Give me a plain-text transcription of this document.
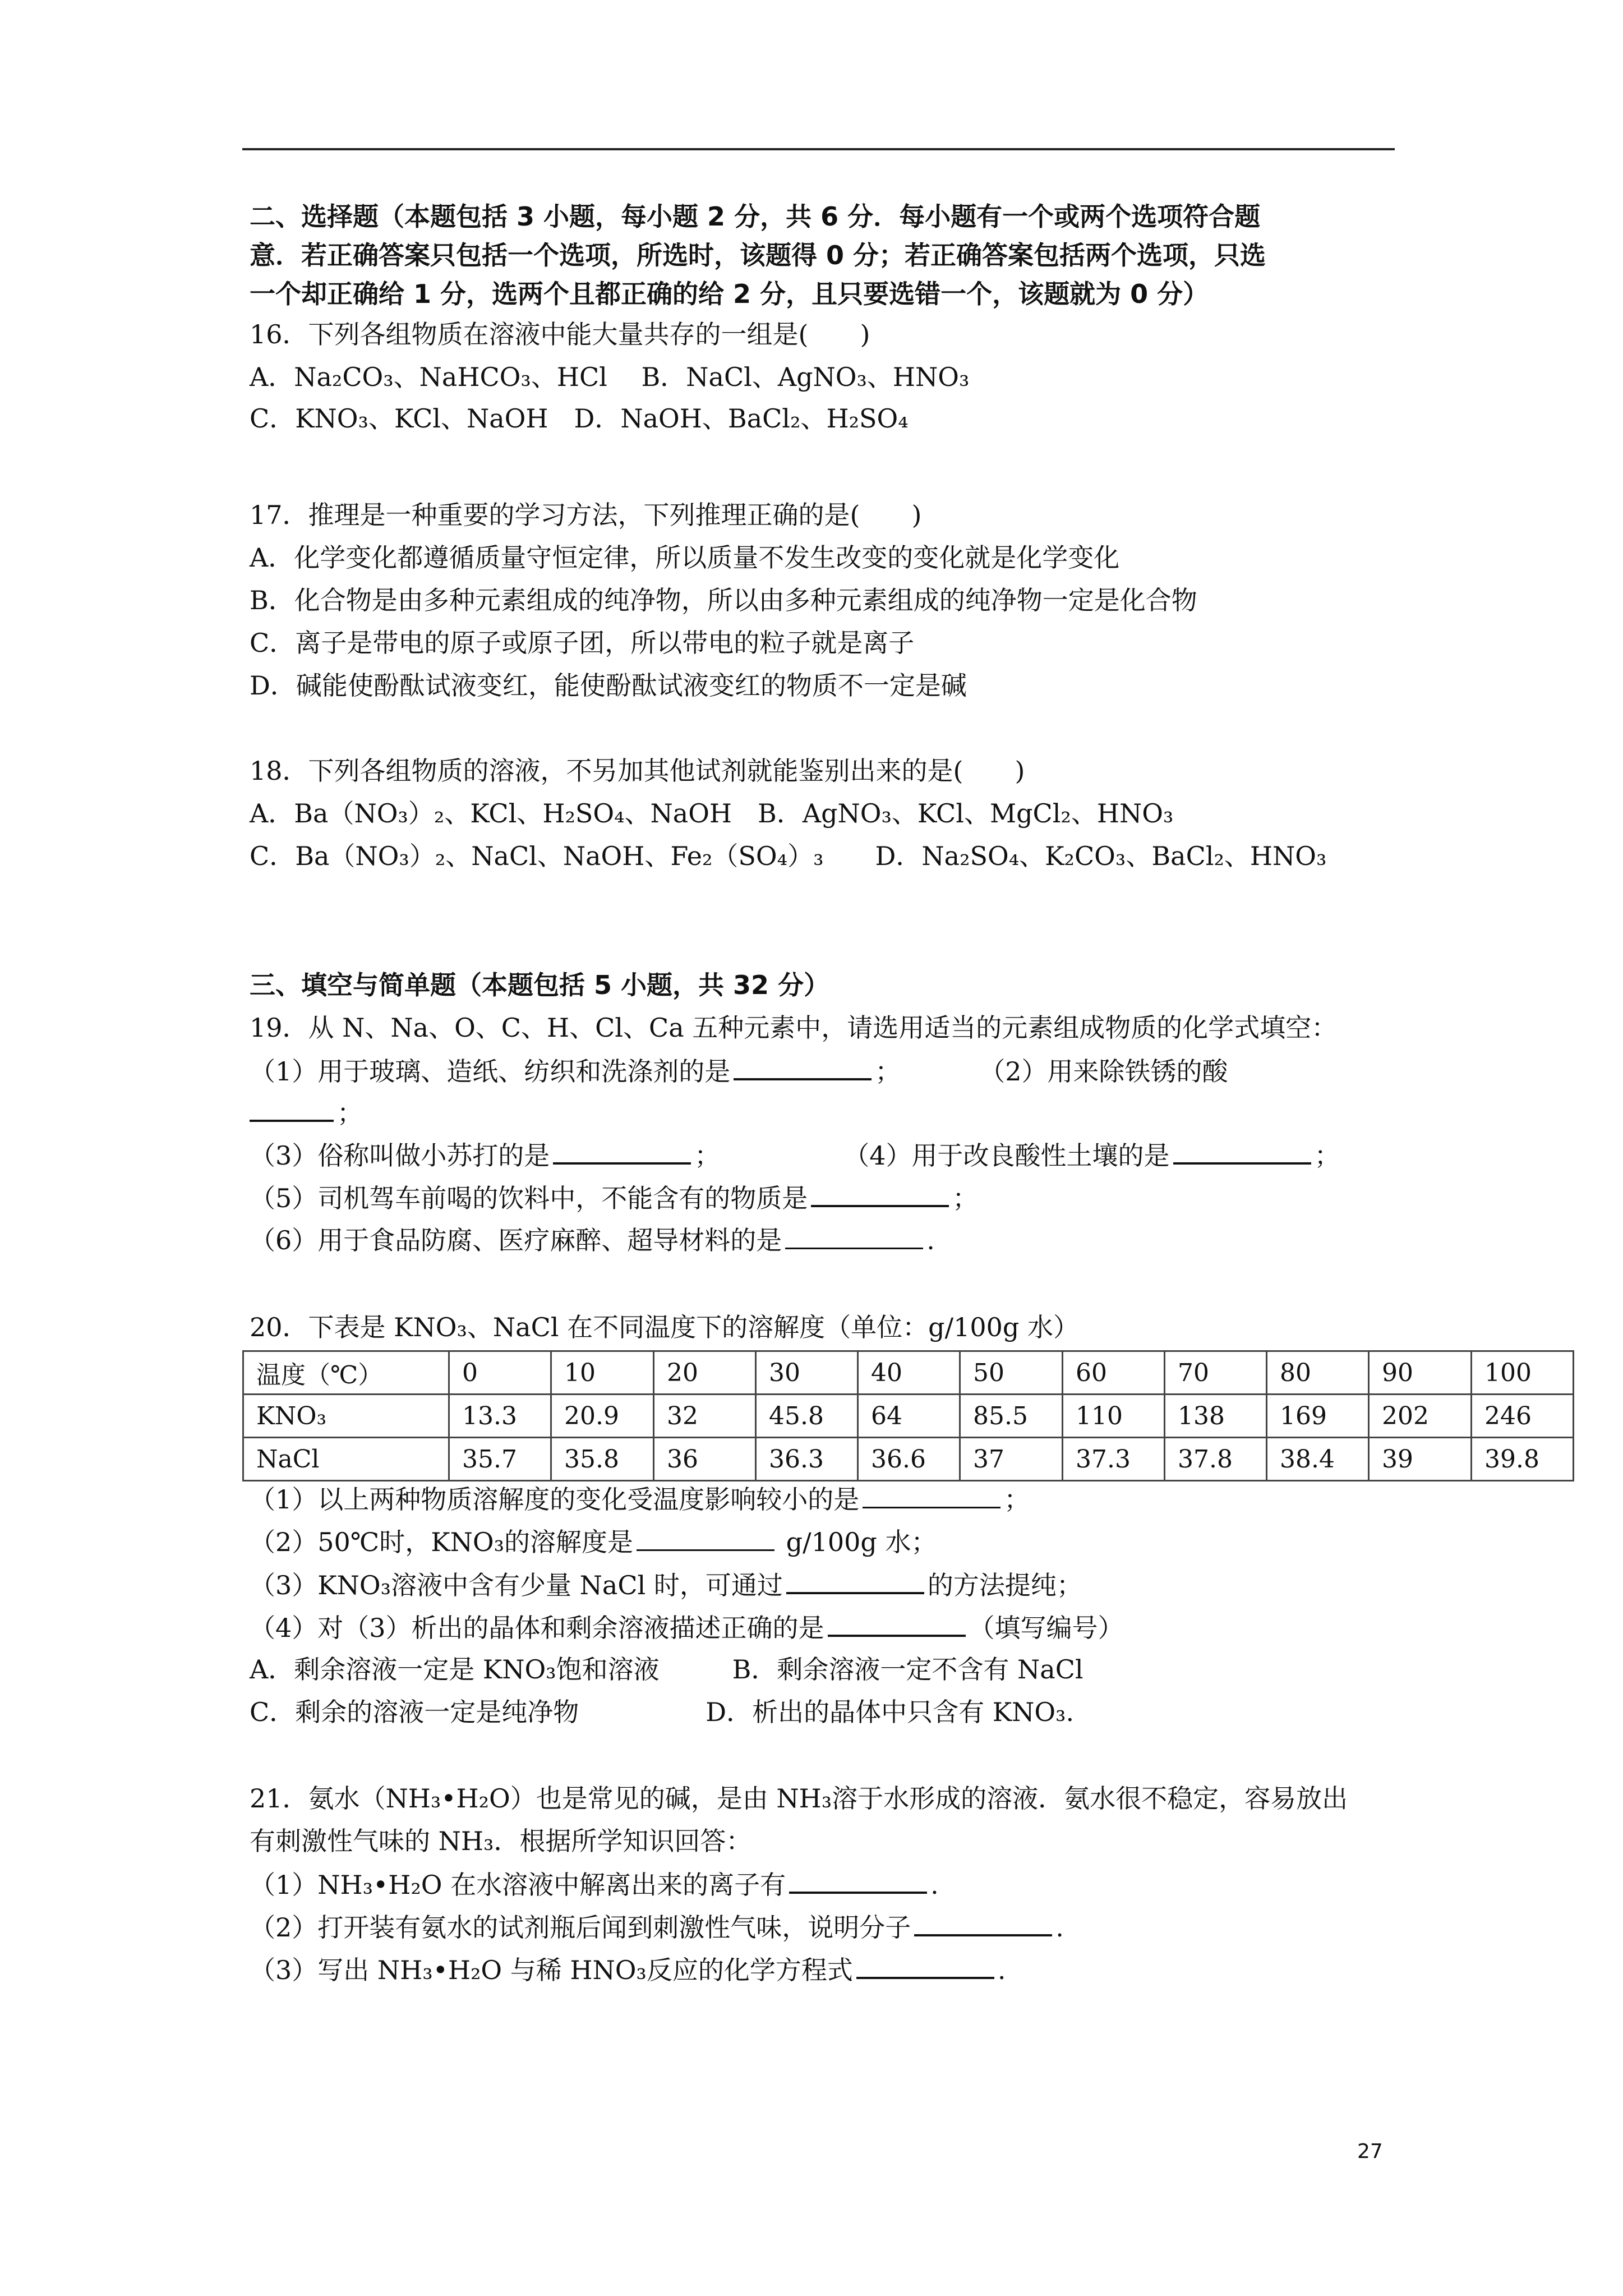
二、选择题（本题包括 3 小题，每小题 2 分，共 6 分．每小题有一个或两个选项符合题
意．若正确答案只包括一个选项，所选时，该题得 0 分；若正确答案包括两个选项，只选
一个却正确给 1 分，选两个且都正确的给 2 分，且只要选错一个，该题就为 0 分）
16．下列各组物质在溶液中能大量共存的一组是(　　)
A．Na₂CO₃、NaHCO₃、HCl　 B．NaCl、AgNO₃、HNO₃
C．KNO₃、KCl、NaOH　D．NaOH、BaCl₂、H₂SO₄
17．推理是一种重要的学习方法，下列推理正确的是(　　)
A．化学变化都遵循质量守恒定律，所以质量不发生改变的变化就是化学变化
B．化合物是由多种元素组成的纯净物，所以由多种元素组成的纯净物一定是化合物
C．离子是带电的原子或原子团，所以带电的粒子就是离子
D．碱能使酚酞试液变红，能使酚酞试液变红的物质不一定是碱
18．下列各组物质的溶液，不另加其他试剂就能鉴别出来的是(　　)
A．Ba（NO₃）₂、KCl、H₂SO₄、NaOH　B．AgNO₃、KCl、MgCl₂、HNO₃
C．Ba（NO₃）₂、NaCl、NaOH、Fe₂（SO₄）₃　　D．Na₂SO₄、K₂CO₃、BaCl₂、HNO₃
三、填空与简单题（本题包括 5 小题，共 32 分）
19．从 N、Na、O、C、H、Cl、Ca 五种元素中，请选用适当的元素组成物质的化学式填空：
（1）用于玻璃、造纸、纺织和洗涤剂的是	；	（2）用来除铁锈的酸
；
（3）俗称叫做小苏打的是	；	（4）用于改良酸性土壤的是	；
（5）司机驾车前喝的饮料中，不能含有的物质是	；
（6）用于食品防腐、医疗麻醉、超导材料的是	.
20．下表是 KNO₃、NaCl 在不同温度下的溶解度（单位：g/100g 水）
温度（℃）	0	10	20	30	40	50	60	70	80	90	100
KNO₃	13.3	20.9	32	45.8	64	85.5	110	138	169	202	246
NaCl	35.7	35.8	36	36.3	36.6	37	37.3	37.8	38.4	39	39.8
（1）以上两种物质溶解度的变化受温度影响较小的是	；
（2）50℃时，KNO₃的溶解度是	g/100g 水；
（3）KNO₃溶液中含有少量 NaCl 时，可通过	的方法提纯；
（4）对（3）析出的晶体和剩余溶液描述正确的是	（填写编号）
A．剩余溶液一定是 KNO₃饱和溶液	B．剩余溶液一定不含有 NaCl
C．剩余的溶液一定是纯净物	D．析出的晶体中只含有 KNO₃.
21．氨水（NH₃•H₂O）也是常见的碱，是由 NH₃溶于水形成的溶液．氨水很不稳定，容易放出
有刺激性气味的 NH₃．根据所学知识回答：
（1）NH₃•H₂O 在水溶液中解离出来的离子有	.
（2）打开装有氨水的试剂瓶后闻到刺激性气味，说明分子	.
（3）写出 NH₃•H₂O 与稀 HNO₃反应的化学方程式	.
27
